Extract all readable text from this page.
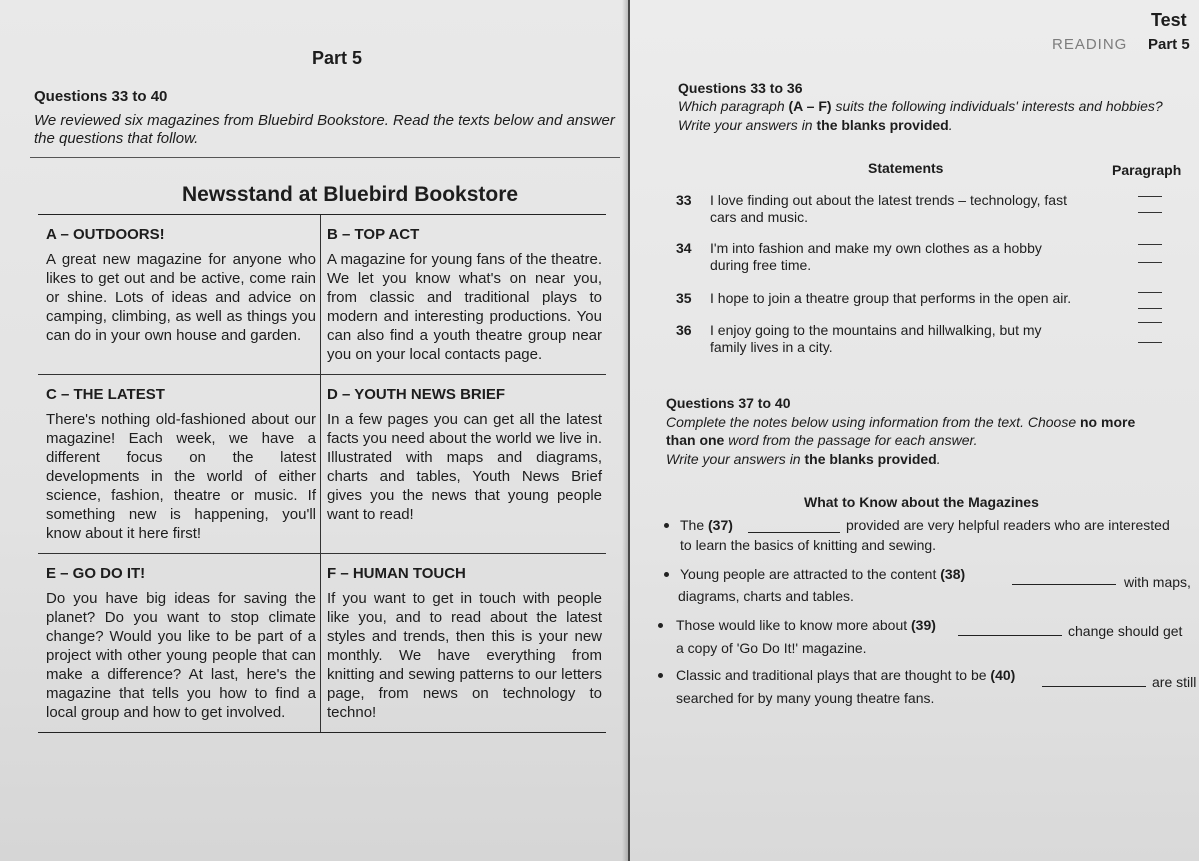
Part 5
Questions 33 to 40
We reviewed six magazines from Bluebird Bookstore. Read the texts below and answer the questions that follow.
Newsstand at Bluebird Bookstore
A – OUTDOORS!
A great new magazine for anyone who likes to get out and be active, come rain or shine. Lots of ideas and advice on camping, climbing, as well as things you can do in your own house and garden.
B – TOP ACT
A magazine for young fans of the theatre. We let you know what's on near you, from classic and traditional plays to modern and interesting productions. You can also find a youth theatre group near you on your local contacts page.
C – THE LATEST
There's nothing old-fashioned about our magazine! Each week, we have a different focus on the latest developments in the world of either science, fashion, theatre or music. If something new is happening, you'll know about it here first!
D – YOUTH NEWS BRIEF
In a few pages you can get all the latest facts you need about the world we live in. Illustrated with maps and diagrams, charts and tables, Youth News Brief gives you the news that young people want to read!
E – GO DO IT!
Do you have big ideas for saving the planet? Do you want to stop climate change? Would you like to be part of a project with other young people that can make a difference? At last, here's the magazine that tells you how to find a local group and how to get involved.
F – HUMAN TOUCH
If you want to get in touch with people like you, and to read about the latest styles and trends, then this is your new monthly. We have everything from knitting and sewing patterns to our letters page, from news on technology to techno!
Test
READING Part 5
Questions 33 to 36
Which paragraph (A – F) suits the following individuals' interests and hobbies?
Write your answers in the blanks provided.
Statements	Paragraph
33 I love finding out about the latest trends – technology, fast cars and music.
34 I'm into fashion and make my own clothes as a hobby during free time.
35 I hope to join a theatre group that performs in the open air.
36 I enjoy going to the mountains and hillwalking, but my family lives in a city.
Questions 37 to 40
Complete the notes below using information from the text. Choose no more
than one word from the passage for each answer.
Write your answers in the blanks provided.
What to Know about the Magazines
The (37)	provided are very helpful readers who are interested
to learn the basics of knitting and sewing.
Young people are attracted to the content (38)	with maps,
diagrams, charts and tables.
Those would like to know more about (39)	change should get
a copy of 'Go Do It!' magazine.
Classic and traditional plays that are thought to be (40)	are still
searched for by many young theatre fans.
